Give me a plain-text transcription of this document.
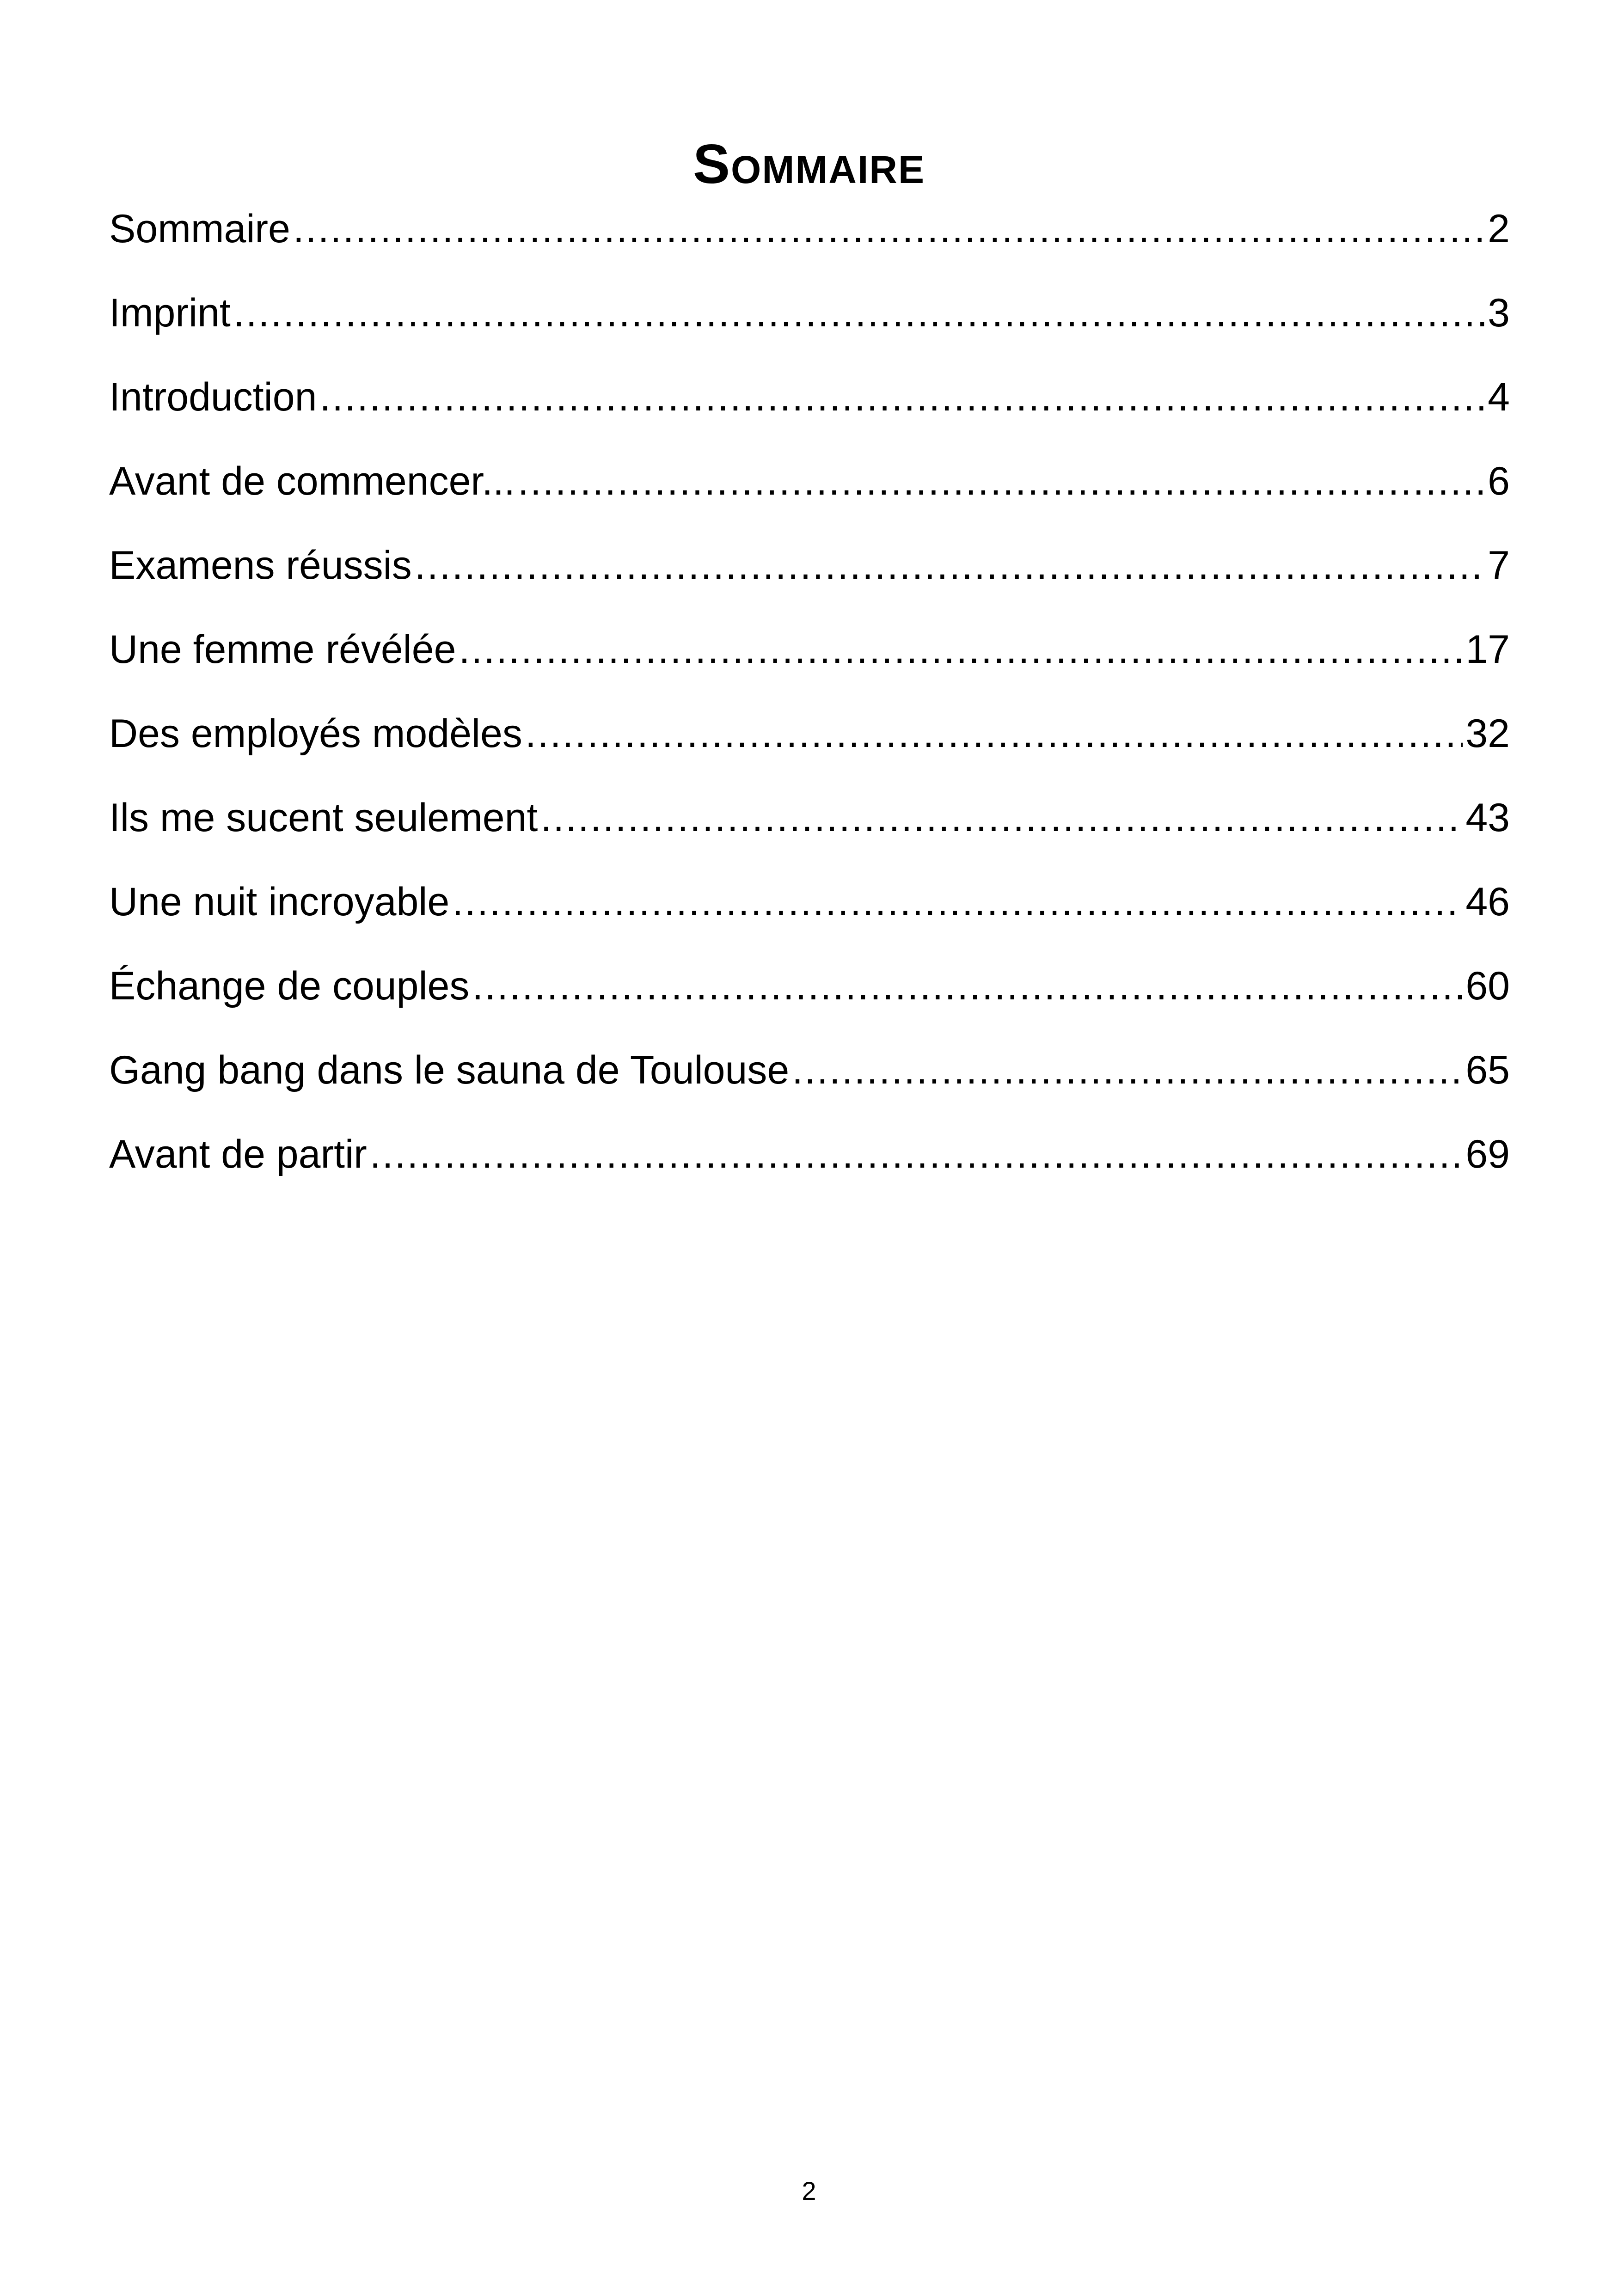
Sommaire
Sommaire .....	2
Imprint .....	3
Introduction .....	4
Avant de commencer... .....	6
Examens réussis .....	7
Une femme révélée .....	17
Des employés modèles .....	32
Ils me sucent seulement .....	43
Une nuit incroyable .....	46
Échange de couples .....	60
Gang bang dans le sauna de Toulouse .....	65
Avant de partir .....	69
2
